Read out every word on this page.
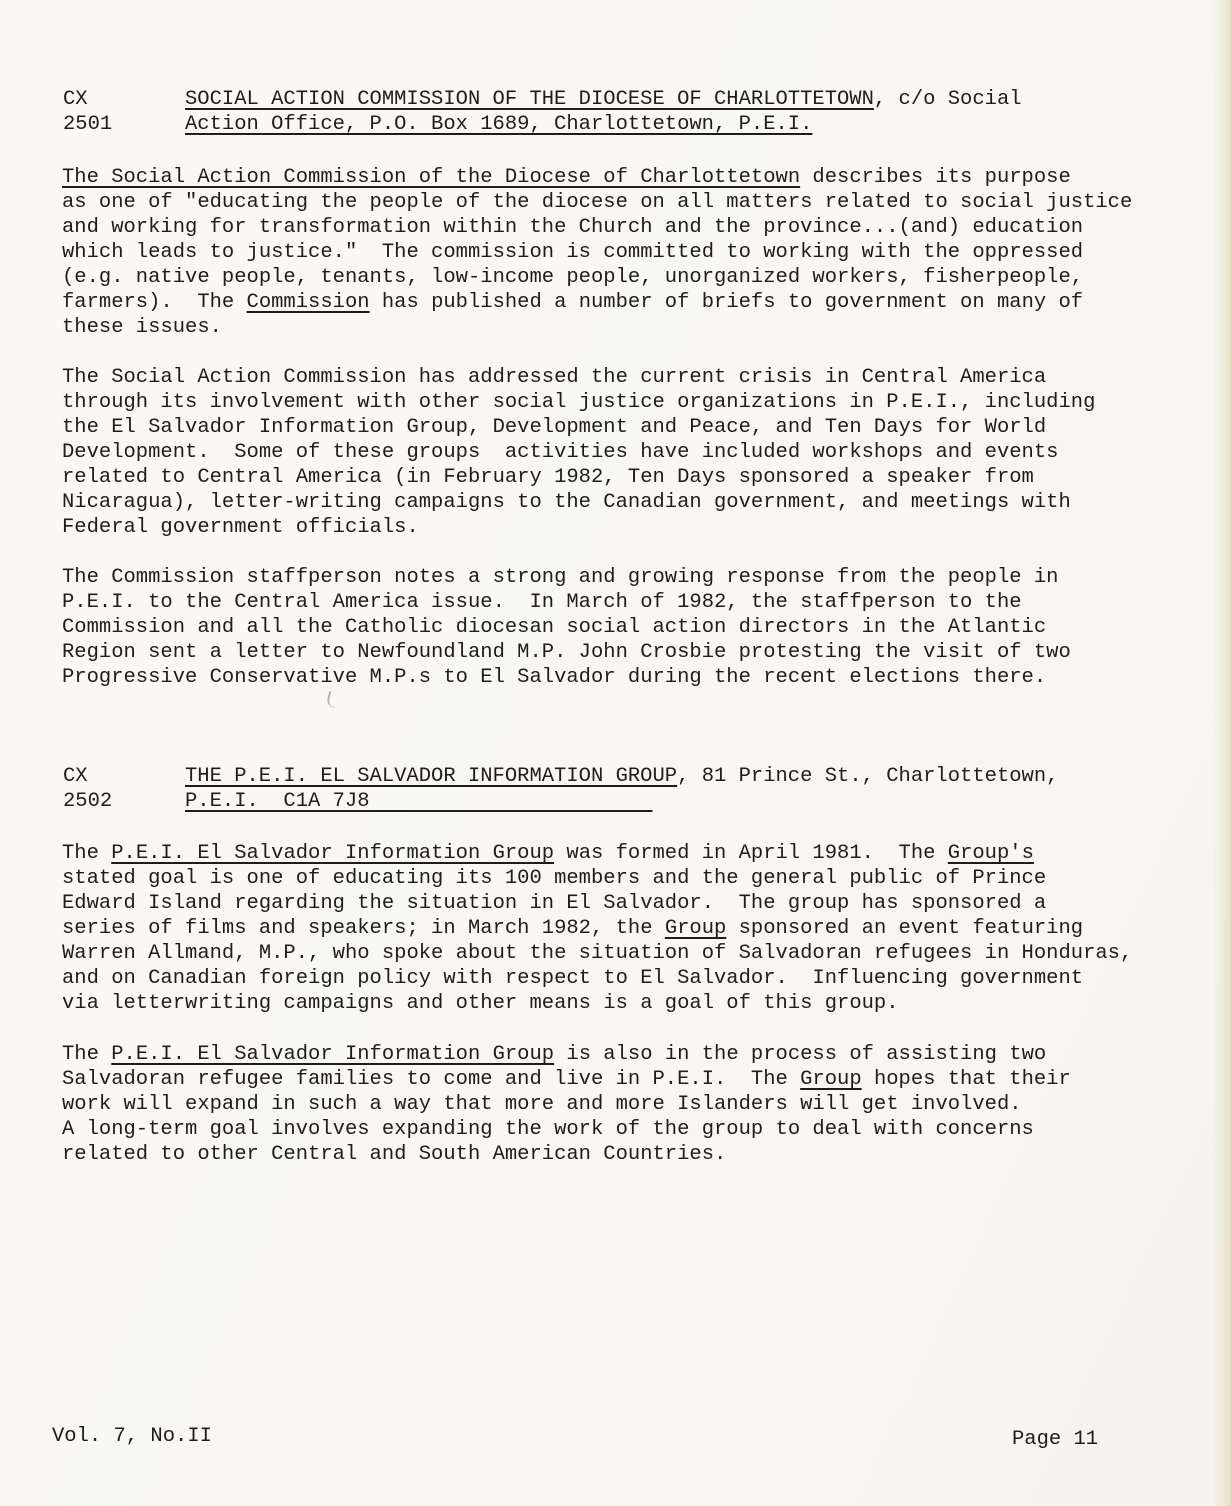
CX
2501
SOCIAL ACTION COMMISSION OF THE DIOCESE OF CHARLOTTETOWN, c/o Social
Action Office, P.O. Box 1689, Charlottetown, P.E.I.
The Social Action Commission of the Diocese of Charlottetown describes its purpose
as one of "educating the people of the diocese on all matters related to social justice
and working for transformation within the Church and the province...(and) education
which leads to justice."  The commission is committed to working with the oppressed
(e.g. native people, tenants, low-income people, unorganized workers, fisherpeople,
farmers).  The Commission has published a number of briefs to government on many of
these issues.
The Social Action Commission has addressed the current crisis in Central America
through its involvement with other social justice organizations in P.E.I., including
the El Salvador Information Group, Development and Peace, and Ten Days for World
Development.  Some of these groups  activities have included workshops and events
related to Central America (in February 1982, Ten Days sponsored a speaker from
Nicaragua), letter-writing campaigns to the Canadian government, and meetings with
Federal government officials.
The Commission staffperson notes a strong and growing response from the people in
P.E.I. to the Central America issue.  In March of 1982, the staffperson to the
Commission and all the Catholic diocesan social action directors in the Atlantic
Region sent a letter to Newfoundland M.P. John Crosbie protesting the visit of two
Progressive Conservative M.P.s to El Salvador during the recent elections there.
CX
2502
THE P.E.I. EL SALVADOR INFORMATION GROUP, 81 Prince St., Charlottetown,
P.E.I.  C1A 7J8
The P.E.I. El Salvador Information Group was formed in April 1981.  The Group's
stated goal is one of educating its 100 members and the general public of Prince
Edward Island regarding the situation in El Salvador.  The group has sponsored a
series of films and speakers; in March 1982, the Group sponsored an event featuring
Warren Allmand, M.P., who spoke about the situation of Salvadoran refugees in Honduras,
and on Canadian foreign policy with respect to El Salvador.  Influencing government
via letterwriting campaigns and other means is a goal of this group.
The P.E.I. El Salvador Information Group is also in the process of assisting two
Salvadoran refugee families to come and live in P.E.I.  The Group hopes that their
work will expand in such a way that more and more Islanders will get involved.
A long-term goal involves expanding the work of the group to deal with concerns
related to other Central and South American Countries.
Vol. 7, No.II	Page 11
